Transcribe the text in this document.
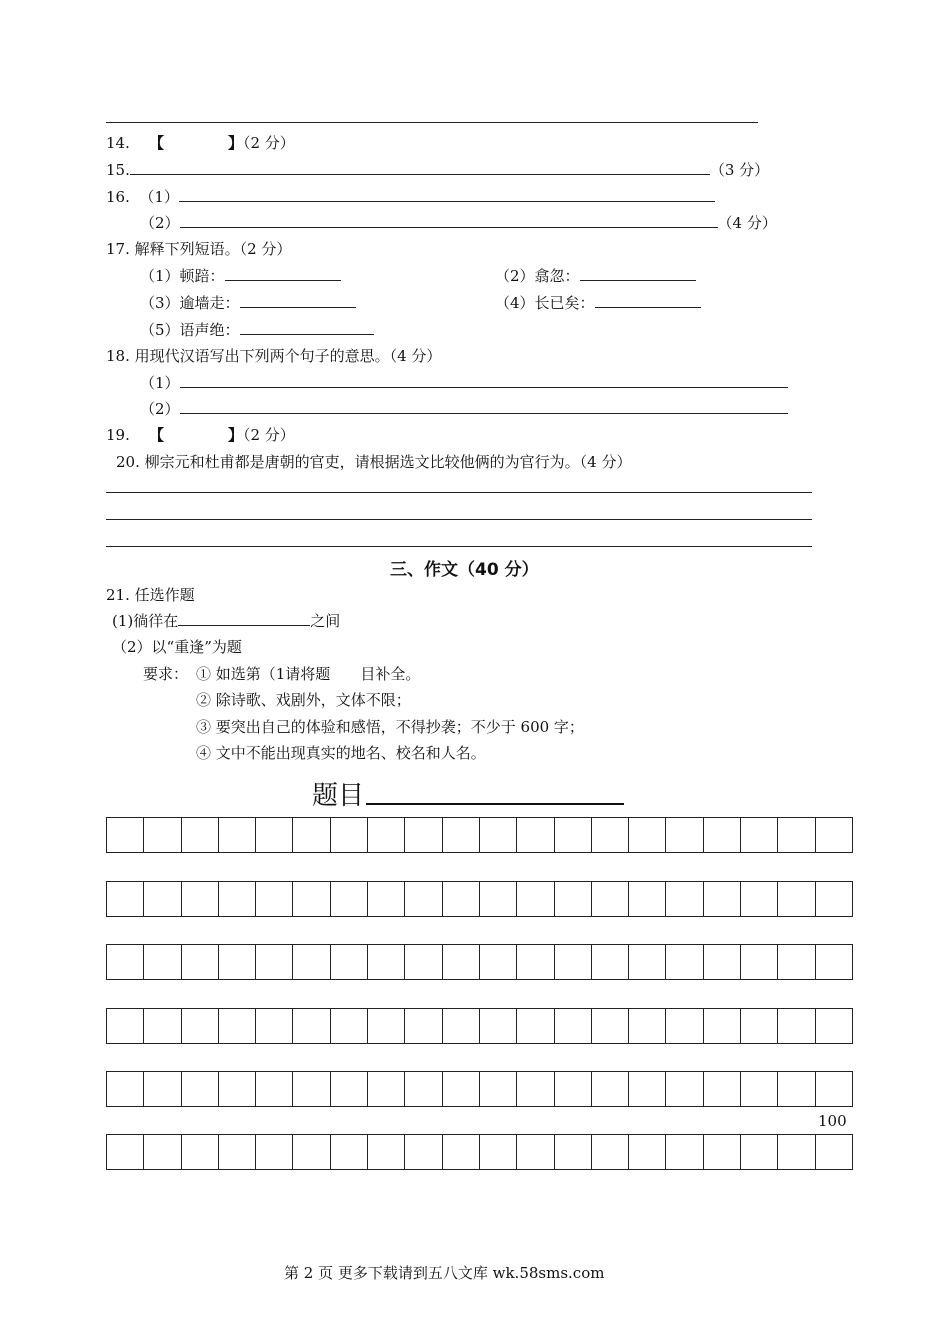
14. 【	】（2 分）
15.	（3 分）
16. （1）
（2）	（4 分）
17. 解释下列短语。（2 分）
（1）顿踣：	（2）翕忽：
（3）逾墙走：	（4）长已矣：
（5）语声绝：
18. 用现代汉语写出下列两个句子的意思。（4 分）
（1）
（2）
19. 【	】（2 分）
20. 柳宗元和杜甫都是唐朝的官吏，请根据选文比较他俩的为官行为。（4 分）
三、作文（40 分）
21. 任选作题
(1)徜徉在	之间
（2）以“重逢”为题
要求： ① 如选第（1请将题　　目补全。
② 除诗歌、戏剧外，文体不限；
③ 要突出自己的体验和感悟，不得抄袭；不少于 600 字；
④ 文中不能出现真实的地名、校名和人名。
题目
100
第 2 页 更多下载请到五八文库 wk.58sms.com
